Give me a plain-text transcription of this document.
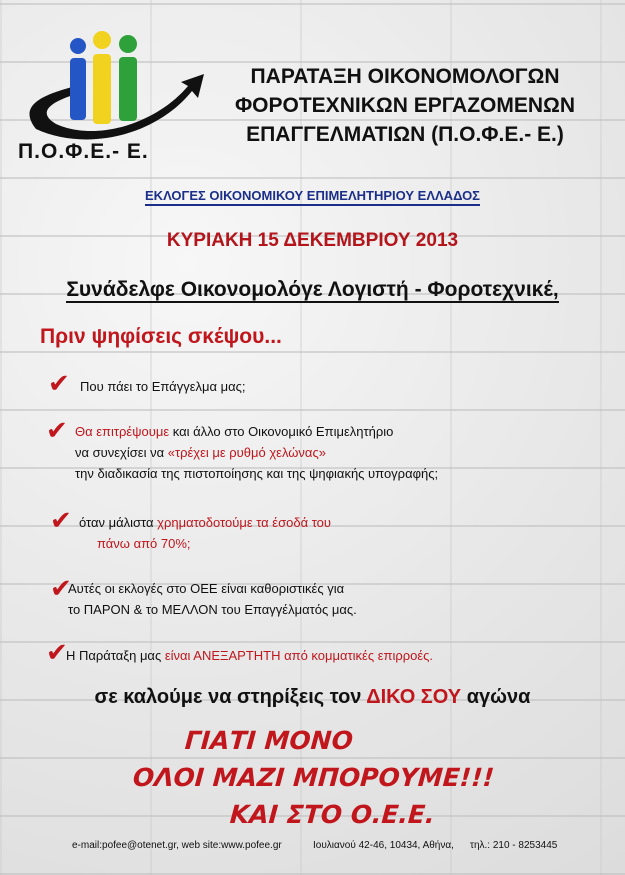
Π.Ο.Φ.Ε.- Ε.
ΠΑΡΑΤΑΞΗ ΟΙΚΟΝΟΜΟΛΟΓΩΝ
ΦΟΡΟΤΕΧΝΙΚΩΝ ΕΡΓΑΖΟΜΕΝΩΝ
ΕΠΑΓΓΕΛΜΑΤΙΩΝ (Π.Ο.Φ.Ε.- Ε.)
ΕΚΛΟΓΕΣ ΟΙΚΟΝΟΜΙΚΟΥ ΕΠΙΜΕΛΗΤΗΡΙΟΥ ΕΛΛΑΔΟΣ
ΚΥΡΙΑΚΗ 15 ΔΕΚΕΜΒΡΙΟΥ 2013
Συνάδελφε Οικονομολόγε Λογιστή - Φοροτεχνικέ,
Πριν ψηφίσεις σκέψου...
✔ Που πάει το Επάγγελμα μας;
✔ Θα επιτρέψουμε και άλλο στο Οικονομικό Επιμελητήριο
να συνεχίσει να «τρέχει με ρυθμό χελώνας»
την διαδικασία της πιστοποίησης και της ψηφιακής υπογραφής;
✔ όταν μάλιστα χρηματοδοτούμε τα έσοδά του
πάνω από 70%;
✔
Αυτές οι εκλογές στο ΟΕΕ είναι καθοριστικές για
το ΠΑΡΟΝ & το ΜΕΛΛΟΝ του Επαγγέλματός μας.
✔
Η Παράταξη μας είναι ΑΝΕΞΑΡΤΗΤΗ από κομματικές επιρροές.
σε καλούμε να στηρίξεις τον ΔΙΚΟ ΣΟΥ αγώνα
ΓΙΑΤΙ ΜΟΝΟ
ΟΛΟΙ ΜΑΖΙ ΜΠΟΡΟΥΜΕ!!!
ΚΑΙ ΣΤΟ Ο.Ε.Ε.
e-mail:pofee@otenet.gr, web site:www.pofee.gr	Ιουλιανού 42-46, 10434, Αθήνα, τηλ.: 210 - 8253445
